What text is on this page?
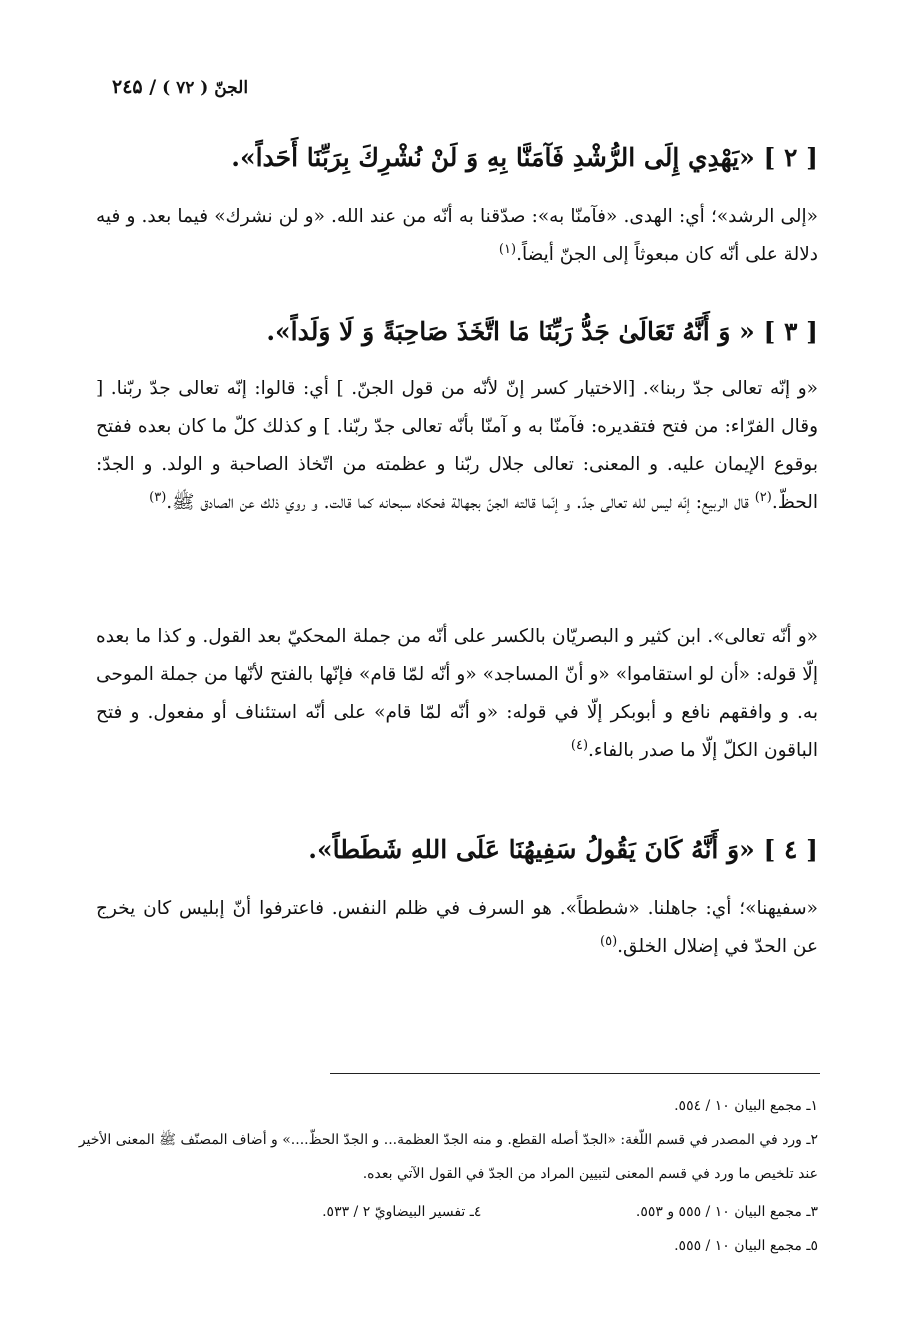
الجنّ ( ۷۲ ) / ۲٤۵
[ ٢ ] «يَهْدِي إِلَى الرُّشْدِ فَآمَنَّا بِهِ وَ لَنْ نُشْرِكَ بِرَبِّنَا أَحَداً».
«إلى الرشد»؛ أي: الهدى. «فآمنّا به»: صدّقنا به أنّه من عند الله. «و لن نشرك» فيما بعد. و فيه دلالة على أنّه كان مبعوثاً إلى الجنّ أيضاً.$^{(١)}$
[ ٣ ] « وَ أَنَّهُ تَعَالَىٰ جَدُّ رَبِّنَا مَا اتَّخَذَ صَاحِبَةً وَ لَا وَلَداً».
«و إنّه تعالى جدّ ربنا». [الاختيار كسر إنّ لأنّه من قول الجنّ. ] أي: قالوا: إنّه تعالى جدّ ربّنا. [ وقال الفرّاء: من فتح فتقديره: فآمنّا به و آمنّا بأنّه تعالى جدّ ربّنا. ] و كذلك كلّ ما كان بعده ففتح بوقوع الإيمان عليه. و المعنى: تعالى جلال ربّنا و عظمته من اتّخاذ الصاحبة و الولد. و الجدّ: الحظّ.$^{(٢)}$ قال الربيع: إنّه ليس لله تعالى جدّ. و إنّما قالته الجنّ بجهالة فحكاه سبحانه كما قالت. و روي ذلك عن الصادق ﷺ.$^{(٣)}$
«و أنّه تعالى». ابن كثير و البصريّان بالكسر على أنّه من جملة المحكيّ بعد القول. و كذا ما بعده إلّا قوله: «أن لو استقاموا» «و أنّ المساجد» «و أنّه لمّا قام» فإنّها بالفتح لأنّها من جملة الموحى به. و وافقهم نافع و أبوبكر إلّا في قوله: «و أنّه لمّا قام» على أنّه استئناف أو مفعول. و فتح الباقون الكلّ إلّا ما صدر بالفاء.$^{(٤)}$
[ ٤ ] «وَ أَنَّهُ كَانَ يَقُولُ سَفِيهُنَا عَلَى اللهِ شَطَطاً».
«سفيهنا»؛ أي: جاهلنا. «شططاً». هو السرف في ظلم النفس. فاعترفوا أنّ إبليس كان يخرج عن الحدّ في إضلال الخلق.$^{(٥)}$
١ـ مجمع البيان ١٠ / ٥٥٤.
٢ـ ورد في المصدر في قسم اللّغة: «الجدّ أصله القطع. و منه الجدّ العظمة... و الجدّ الحظّ....» و أضاف المصنّف ﷺ المعنى الأخير
عند تلخيص ما ورد في قسم المعنى لتبيين المراد من الجدّ في القول الآتي بعده.
٣ـ مجمع البيان ١٠ / ٥٥٥ و ٥٥٣. ٤ـ تفسير البيضاويّ ٢ / ٥٣٣.
٥ـ مجمع البيان ١٠ / ٥٥٥.
